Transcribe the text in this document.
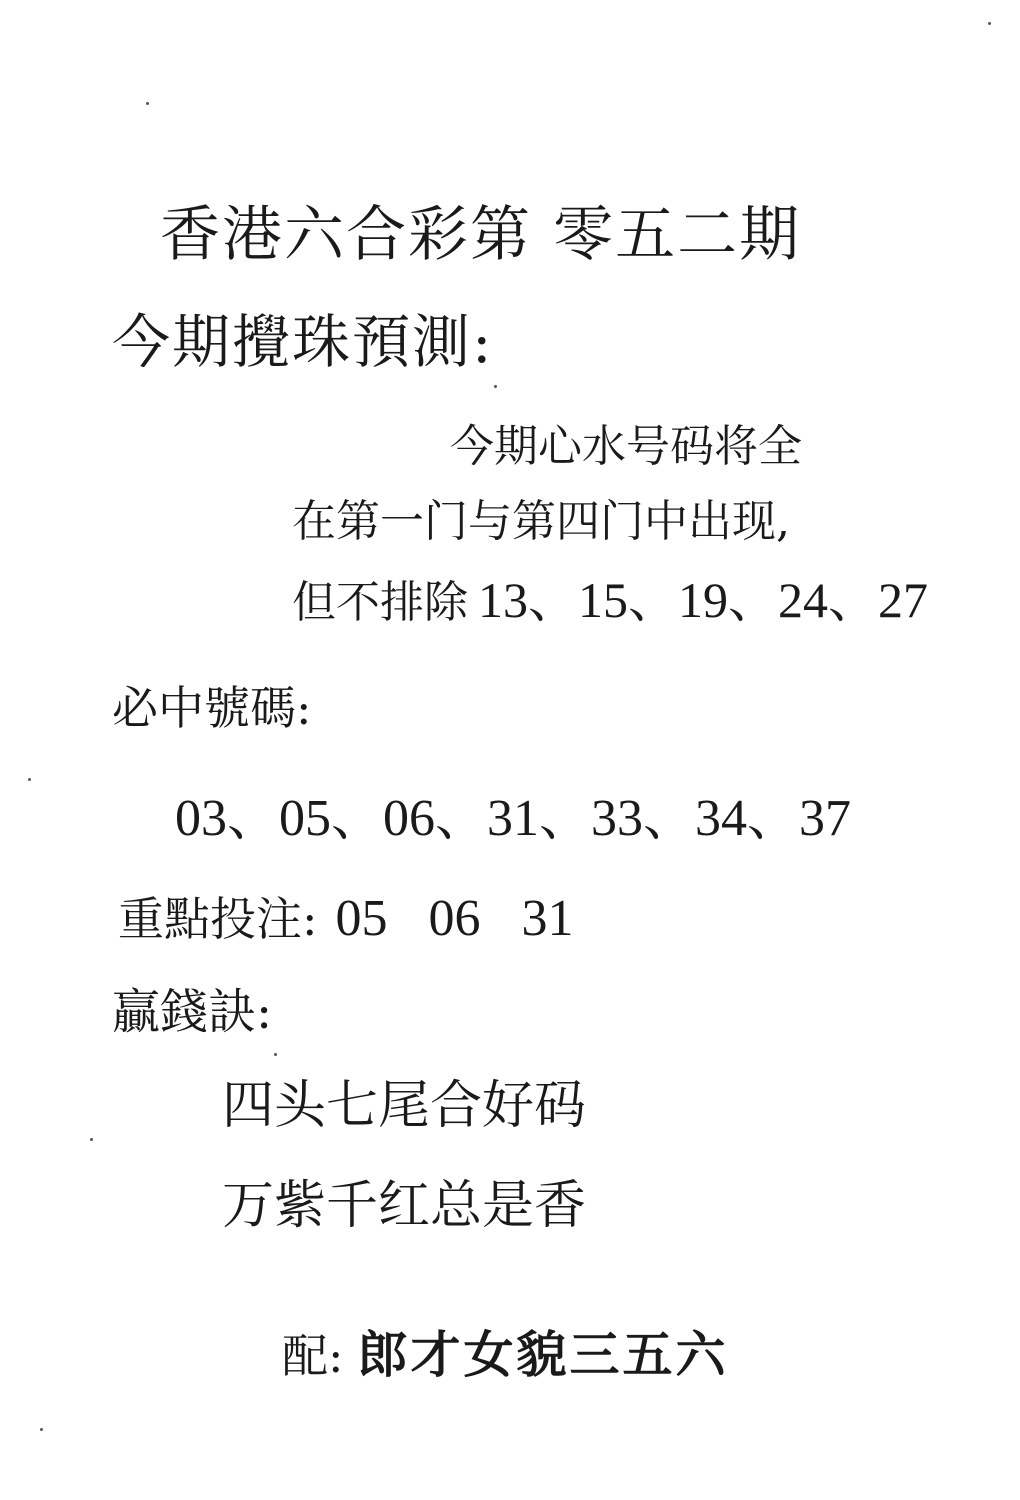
香港六合彩第 零五二期
今期攪珠預測:
今期心水号码将全
在第一门与第四门中出现,
但不排除 13、15、19、24、27
必中號碼:
03、05、06、31、33、34、37
重點投注: 05 06 31
贏錢訣:
四头七尾合好码
万紫千红总是香
配: 郎才女貌三五六
